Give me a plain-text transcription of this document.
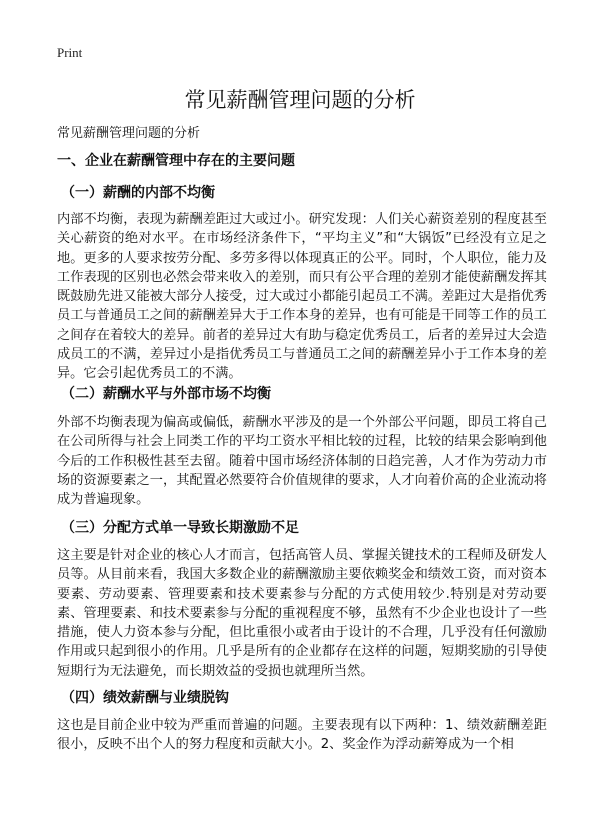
Print
常见薪酬管理问题的分析

常见薪酬管理问题的分析

一、企业在薪酬管理中存在的主要问题
（一）薪酬的内部不均衡

内部不均衡，表现为薪酬差距过大或过小。研究发现：人们关心薪资差别的程度甚至关心薪资的绝对水平。在市场经济条件下，“平均主义”和“大锅饭”已经没有立足之地。更多的人要求按劳分配、多劳多得以体现真正的公平。同时，个人职位，能力及工作表现的区别也必然会带来收入的差别，而只有公平合理的差别才能使薪酬发挥其既鼓励先进又能被大部分人接受，过大或过小都能引起员工不满。差距过大是指优秀员工与普通员工之间的薪酬差异大于工作本身的差异，也有可能是干同等工作的员工之间存在着较大的差异。前者的差异过大有助与稳定优秀员工，后者的差异过大会造成员工的不满，差异过小是指优秀员工与普通员工之间的薪酬差异小于工作本身的差异。它会引起优秀员工的不满。

（二）薪酬水平与外部市场不均衡

外部不均衡表现为偏高或偏低，薪酬水平涉及的是一个外部公平问题，即员工将自己在公司所得与社会上同类工作的平均工资水平相比较的过程，比较的结果会影响到他今后的工作积极性甚至去留。随着中国市场经济体制的日趋完善，人才作为劳动力市场的资源要素之一，其配置必然要符合价值规律的要求，人才向着价高的企业流动将成为普遍现象。

（三）分配方式单一导致长期激励不足

这主要是针对企业的核心人才而言，包括高管人员、掌握关键技术的工程师及研发人员等。从目前来看，我国大多数企业的薪酬激励主要依赖奖金和绩效工资，而对资本要素、劳动要素、管理要素和技术要素参与分配的方式使用较少.特别是对劳动要素、管理要素、和技术要素参与分配的重视程度不够，虽然有不少企业也设计了一些措施，使人力资本参与分配，但比重很小或者由于设计的不合理，几乎没有任何激励作用或只起到很小的作用。几乎是所有的企业都存在这样的问题，短期奖励的引导使短期行为无法避免，而长期效益的受损也就理所当然。

（四）绩效薪酬与业绩脱钩

这也是目前企业中较为严重而普遍的问题。主要表现有以下两种：1、绩效薪酬差距很小，反映不出个人的努力程度和贡献大小。2、奖金作为浮动薪筹成为一个相
